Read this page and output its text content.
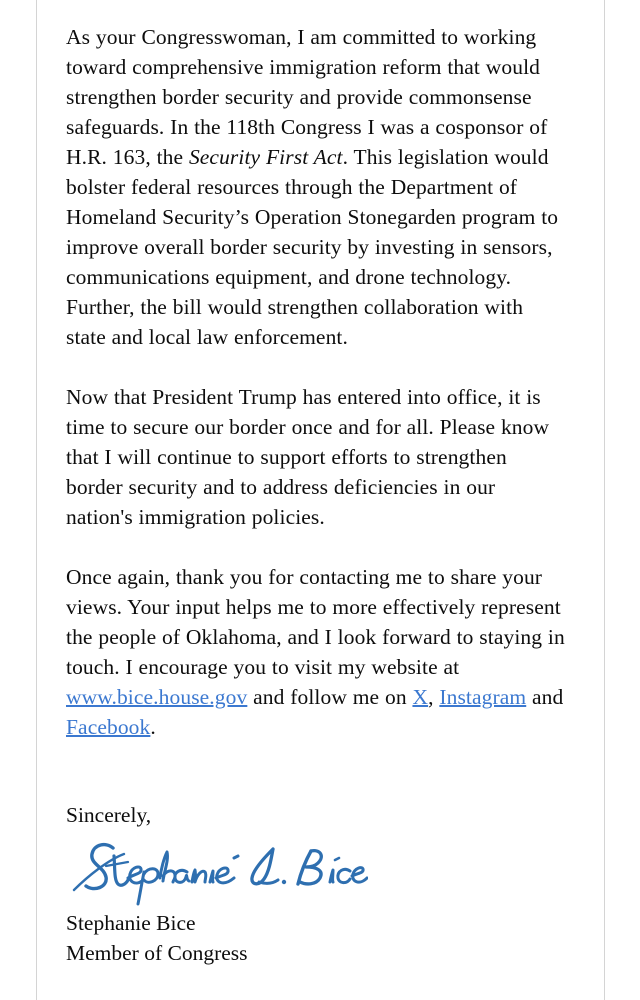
As your Congresswoman, I am committed to working toward comprehensive immigration reform that would strengthen border security and provide commonsense safeguards. In the 118th Congress I was a cosponsor of H.R. 163, the Security First Act. This legislation would bolster federal resources through the Department of Homeland Security’s Operation Stonegarden program to improve overall border security by investing in sensors, communications equipment, and drone technology. Further, the bill would strengthen collaboration with state and local law enforcement.

Now that President Trump has entered into office, it is time to secure our border once and for all. Please know that I will continue to support efforts to strengthen border security and to address deficiencies in our nation's immigration policies.

Once again, thank you for contacting me to share your views. Your input helps me to more effectively represent the people of Oklahoma, and I look forward to staying in touch. I encourage you to visit my website at www.bice.house.gov and follow me on X, Instagram and Facebook.

Sincerely,

Stephanie Bice

Member of Congress
